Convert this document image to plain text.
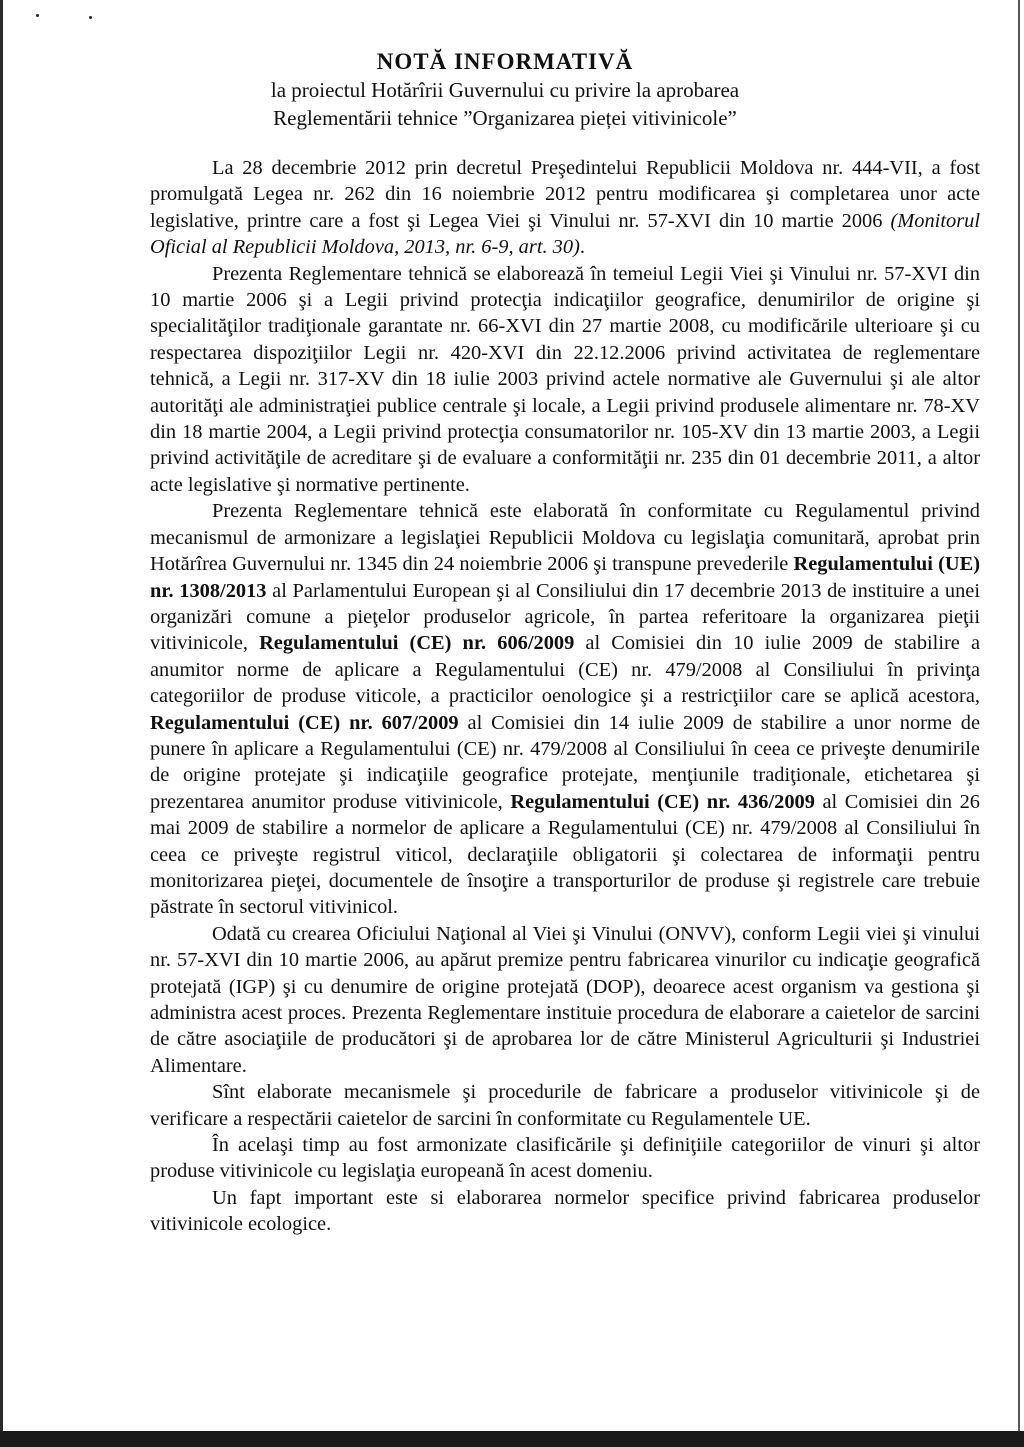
NOTĂ INFORMATIVĂ
la proiectul Hotărîrii Guvernului cu privire la aprobarea
Reglementării tehnice ”Organizarea pieței vitivinicole”

La 28 decembrie 2012 prin decretul Preşedintelui Republicii Moldova nr. 444-VII, a fost promulgată Legea nr. 262 din 16 noiembrie 2012 pentru modificarea şi completarea unor acte legislative, printre care a fost şi Legea Viei şi Vinului nr. 57-XVI din 10 martie 2006 (Monitorul Oficial al Republicii Moldova, 2013, nr. 6-9, art. 30).

Prezenta Reglementare tehnică se elaborează în temeiul Legii Viei şi Vinului nr. 57-XVI din 10 martie 2006 şi a Legii privind protecţia indicaţiilor geografice, denumirilor de origine şi specialităţilor tradiţionale garantate nr. 66-XVI din 27 martie 2008, cu modificările ulterioare şi cu respectarea dispoziţiilor Legii nr. 420-XVI din 22.12.2006 privind activitatea de reglementare tehnică, a Legii nr. 317-XV din 18 iulie 2003 privind actele normative ale Guvernului şi ale altor autorităţi ale administraţiei publice centrale şi locale, a Legii privind produsele alimentare nr. 78-XV din 18 martie 2004, a Legii privind protecţia consumatorilor nr. 105-XV din 13 martie 2003, a Legii privind activităţile de acreditare şi de evaluare a conformităţii nr. 235 din 01 decembrie 2011, a altor acte legislative şi normative pertinente.

Prezenta Reglementare tehnică este elaborată în conformitate cu Regulamentul privind mecanismul de armonizare a legislaţiei Republicii Moldova cu legislaţia comunitară, aprobat prin Hotărîrea Guvernului nr. 1345 din 24 noiembrie 2006 şi transpune prevederile Regulamentului (UE) nr. 1308/2013 al Parlamentului European şi al Consiliului din 17 decembrie 2013 de instituire a unei organizări comune a pieţelor produselor agricole, în partea referitoare la organizarea pieţii vitivinicole, Regulamentului (CE) nr. 606/2009 al Comisiei din 10 iulie 2009 de stabilire a anumitor norme de aplicare a Regulamentului (CE) nr. 479/2008 al Consiliului în privinţa categoriilor de produse viticole, a practicilor oenologice şi a restricţiilor care se aplică acestora, Regulamentului (CE) nr. 607/2009 al Comisiei din 14 iulie 2009 de stabilire a unor norme de punere în aplicare a Regulamentului (CE) nr. 479/2008 al Consiliului în ceea ce priveşte denumirile de origine protejate şi indicaţiile geografice protejate, menţiunile tradiţionale, etichetarea şi prezentarea anumitor produse vitivinicole, Regulamentului (CE) nr. 436/2009 al Comisiei din 26 mai 2009 de stabilire a normelor de aplicare a Regulamentului (CE) nr. 479/2008 al Consiliului în ceea ce priveşte registrul viticol, declaraţiile obligatorii şi colectarea de informaţii pentru monitorizarea pieţei, documentele de însoţire a transporturilor de produse şi registrele care trebuie păstrate în sectorul vitivinicol.

Odată cu crearea Oficiului Naţional al Viei şi Vinului (ONVV), conform Legii viei şi vinului nr. 57-XVI din 10 martie 2006, au apărut premize pentru fabricarea vinurilor cu indicaţie geografică protejată (IGP) şi cu denumire de origine protejată (DOP), deoarece acest organism va gestiona şi administra acest proces. Prezenta Reglementare instituie procedura de elaborare a caietelor de sarcini de către asociaţiile de producători şi de aprobarea lor de către Ministerul Agriculturii şi Industriei Alimentare.

Sînt elaborate mecanismele şi procedurile de fabricare a produselor vitivinicole şi de verificare a respectării caietelor de sarcini în conformitate cu Regulamentele UE.

În acelaşi timp au fost armonizate clasificările şi definiţiile categoriilor de vinuri şi altor produse vitivinicole cu legislaţia europeană în acest domeniu.

Un fapt important este si elaborarea normelor specifice privind fabricarea produselor vitivinicole ecologice.
